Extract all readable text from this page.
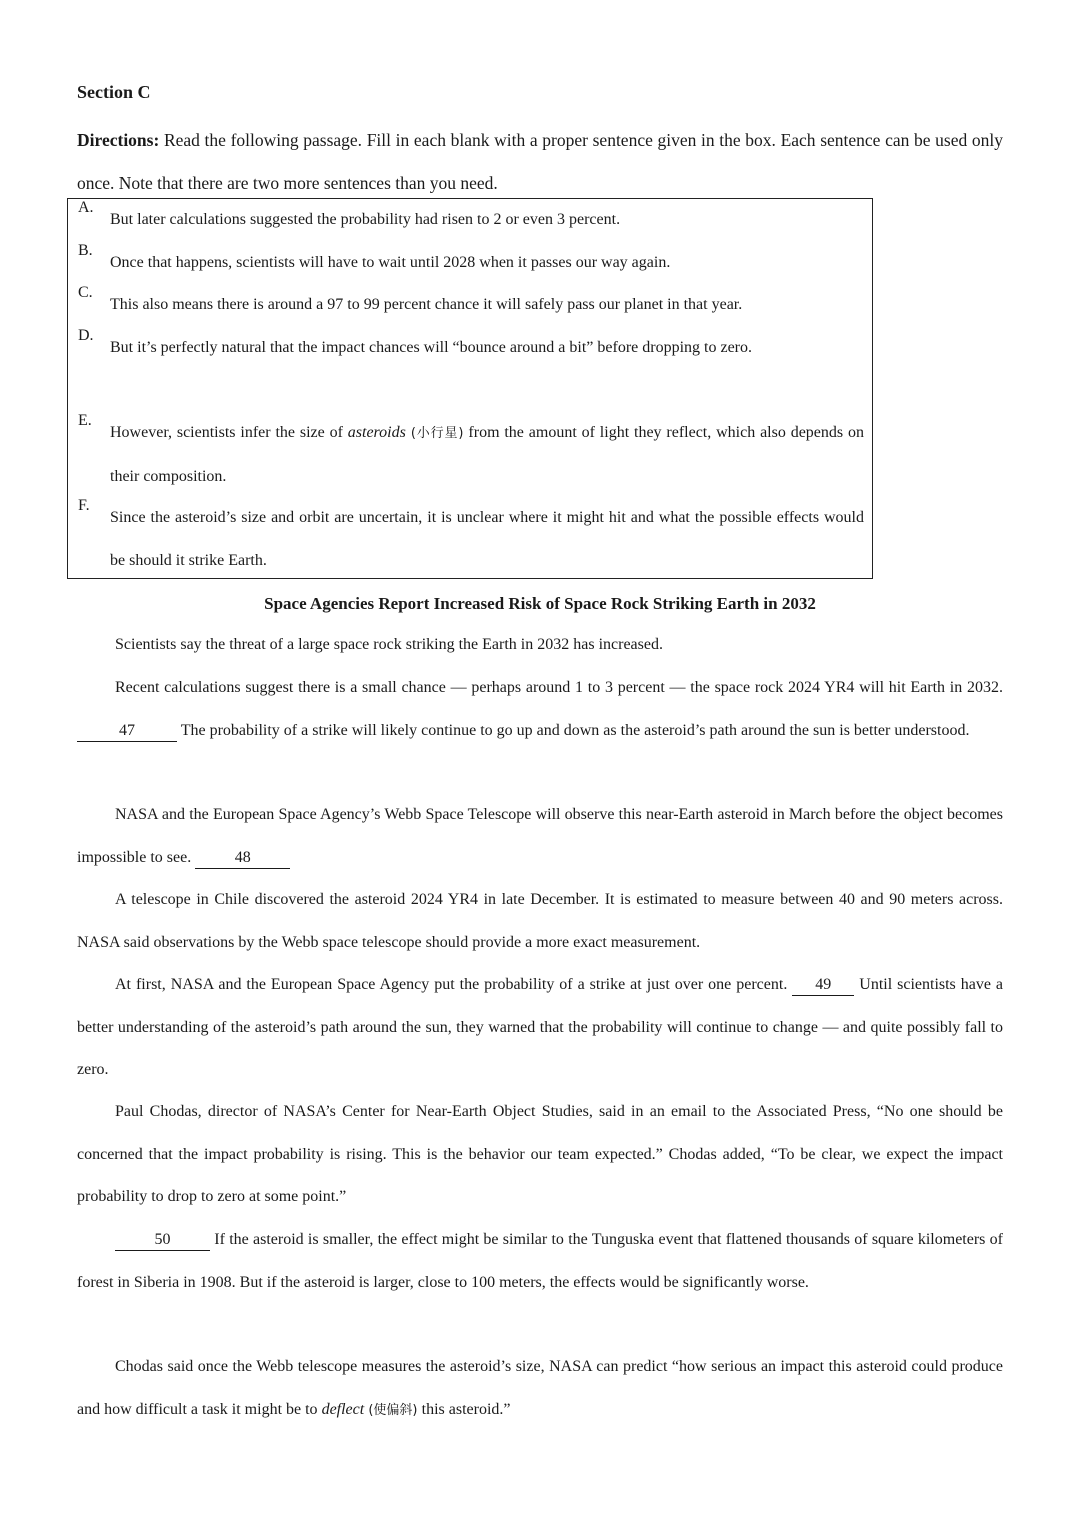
Section C
Directions: Read the following passage. Fill in each blank with a proper sentence given in the box. Each sentence can be used only once. Note that there are two more sentences than you need.
A.
But later calculations suggested the probability had risen to 2 or even 3 percent.
B.
Once that happens, scientists will have to wait until 2028 when it passes our way again.
C.
This also means there is around a 97 to 99 percent chance it will safely pass our planet in that year.
D.
But it’s perfectly natural that the impact chances will “bounce around a bit” before dropping to zero.
E.
However, scientists infer the size of asteroids (小行星) from the amount of light they reflect, which also depends on their composition.
F.
Since the asteroid’s size and orbit are uncertain, it is unclear where it might hit and what the possible effects would be should it strike Earth.
Space Agencies Report Increased Risk of Space Rock Striking Earth in 2032
Scientists say the threat of a large space rock striking the Earth in 2032 has increased.
Recent calculations suggest there is a small chance — perhaps around 1 to 3 percent — the space rock 2024 YR4 will hit Earth in 2032. 47	The probability of a strike will likely continue to go up and down as the asteroid’s path around the sun is better understood.
NASA and the European Space Agency’s Webb Space Telescope will observe this near-Earth asteroid in March before the object becomes impossible to see.	48
A telescope in Chile discovered the asteroid 2024 YR4 in late December. It is estimated to measure between 40 and 90 meters across. NASA said observations by the Webb space telescope should provide a more exact measurement.
At first, NASA and the European Space Agency put the probability of a strike at just over one percent. 49 Until scientists have a better understanding of the asteroid’s path around the sun, they warned that the probability will continue to change — and quite possibly fall to zero.
Paul Chodas, director of NASA’s Center for Near-Earth Object Studies, said in an email to the Associated Press, “No one should be concerned that the impact probability is rising. This is the behavior our team expected.” Chodas added, “To be clear, we expect the impact probability to drop to zero at some point.”
50 If the asteroid is smaller, the effect might be similar to the Tunguska event that flattened thousands of square kilometers of forest in Siberia in 1908. But if the asteroid is larger, close to 100 meters, the effects would be significantly worse.
Chodas said once the Webb telescope measures the asteroid’s size, NASA can predict “how serious an impact this asteroid could produce and how difficult a task it might be to deflect (使偏斜) this asteroid.”
